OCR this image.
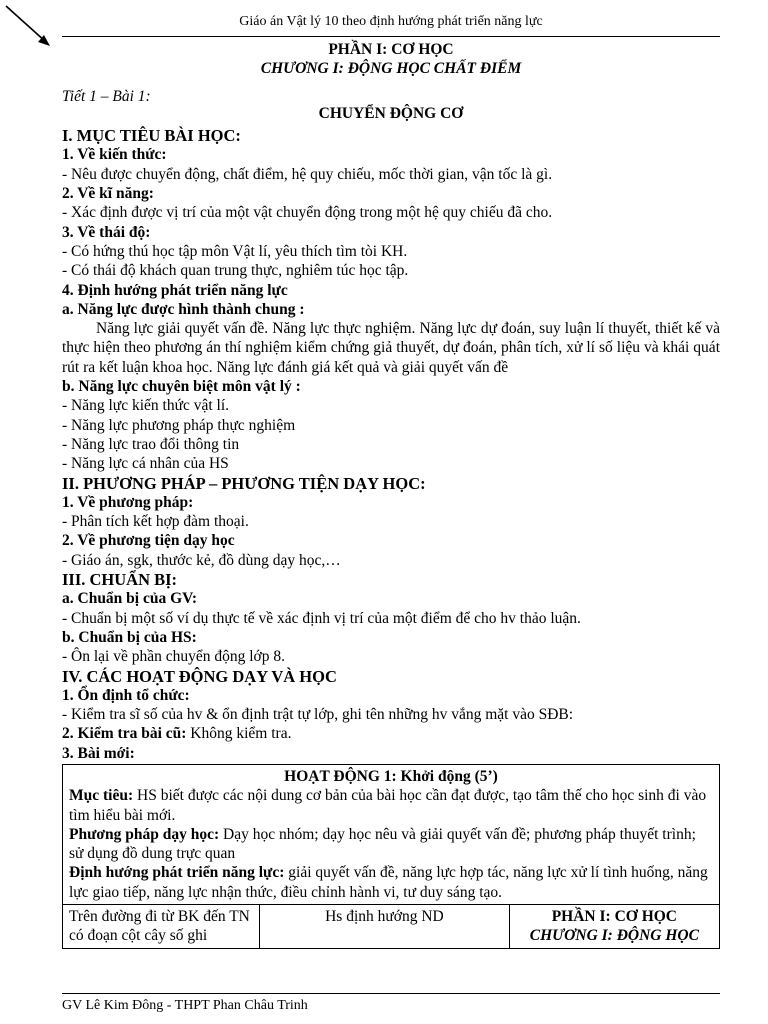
Giáo án Vật lý 10 theo định hướng phát triển năng lực

PHẦN I: CƠ HỌC

CHƯƠNG I: ĐỘNG HỌC CHẤT ĐIỂM

Tiết 1 – Bài 1:

CHUYỂN ĐỘNG CƠ

I. MỤC TIÊU BÀI HỌC:

1. Về kiến thức:

- Nêu được chuyển động, chất điểm, hệ quy chiếu, mốc thời gian, vận tốc là gì.

2. Về kĩ năng:

- Xác định được vị trí của một vật chuyển động trong một hệ quy chiếu đã cho.

3. Về thái độ:

- Có hứng thú học tập môn Vật lí, yêu thích tìm tòi KH.

- Có thái độ khách quan trung thực, nghiêm túc học tập.

4. Định hướng phát triển năng lực

a. Năng lực được hình thành chung :

Năng lực giải quyết vấn đề. Năng lực thực nghiệm. Năng lực dự đoán, suy luận lí thuyết, thiết kế và thực hiện theo phương án thí nghiệm kiểm chứng giả thuyết, dự đoán, phân tích, xử lí số liệu và khái quát rút ra kết luận khoa học. Năng lực đánh giá kết quả và giải quyết vấn đề

b. Năng lực chuyên biệt môn vật lý :

- Năng lực kiến thức vật lí.

- Năng lực phương pháp thực nghiệm

- Năng lực trao đổi thông tin

- Năng lực cá nhân của HS

II. PHƯƠNG PHÁP – PHƯƠNG TIỆN DẠY HỌC:

1. Về phương pháp:

- Phân tích kết hợp đàm thoại.

2. Về phương tiện dạy học

- Giáo án, sgk, thước kẻ, đồ dùng dạy học,…

III. CHUẨN BỊ:

a. Chuẩn bị của GV:

- Chuẩn bị một số ví dụ thực tế về xác định vị trí của một điểm để cho hv thảo luận.

b. Chuẩn bị của HS:

- Ôn lại về phần chuyển động lớp 8.

IV. CÁC HOẠT ĐỘNG DẠY VÀ HỌC

1. Ổn định tổ chức:

- Kiểm tra sĩ số của hv & ổn định trật tự lớp, ghi tên những hv vắng mặt vào SĐB:

2. Kiểm tra bài cũ: Không kiểm tra.

3. Bài mới:

HOẠT ĐỘNG 1: Khởi động (5’)

Mục tiêu: HS biết được các nội dung cơ bản của bài học cần đạt được, tạo tâm thế cho học sinh đi vào tìm hiểu bài mới.

Phương pháp dạy học: Dạy học nhóm; dạy học nêu và giải quyết vấn đề; phương pháp thuyết trình; sử dụng đồ dung trực quan

Định hướng phát triển năng lực: giải quyết vấn đề, năng lực hợp tác, năng lực xử lí tình huống, năng lực giao tiếp, năng lực nhận thức, điều chỉnh hành vi, tư duy sáng tạo.

Trên đường đi từ BK đến TN có đoạn cột cây số ghi	Hs định hướng ND	PHẦN I: CƠ HỌC

CHƯƠNG I: ĐỘNG HỌC

GV Lê Kim Đông - THPT Phan Châu Trinh
